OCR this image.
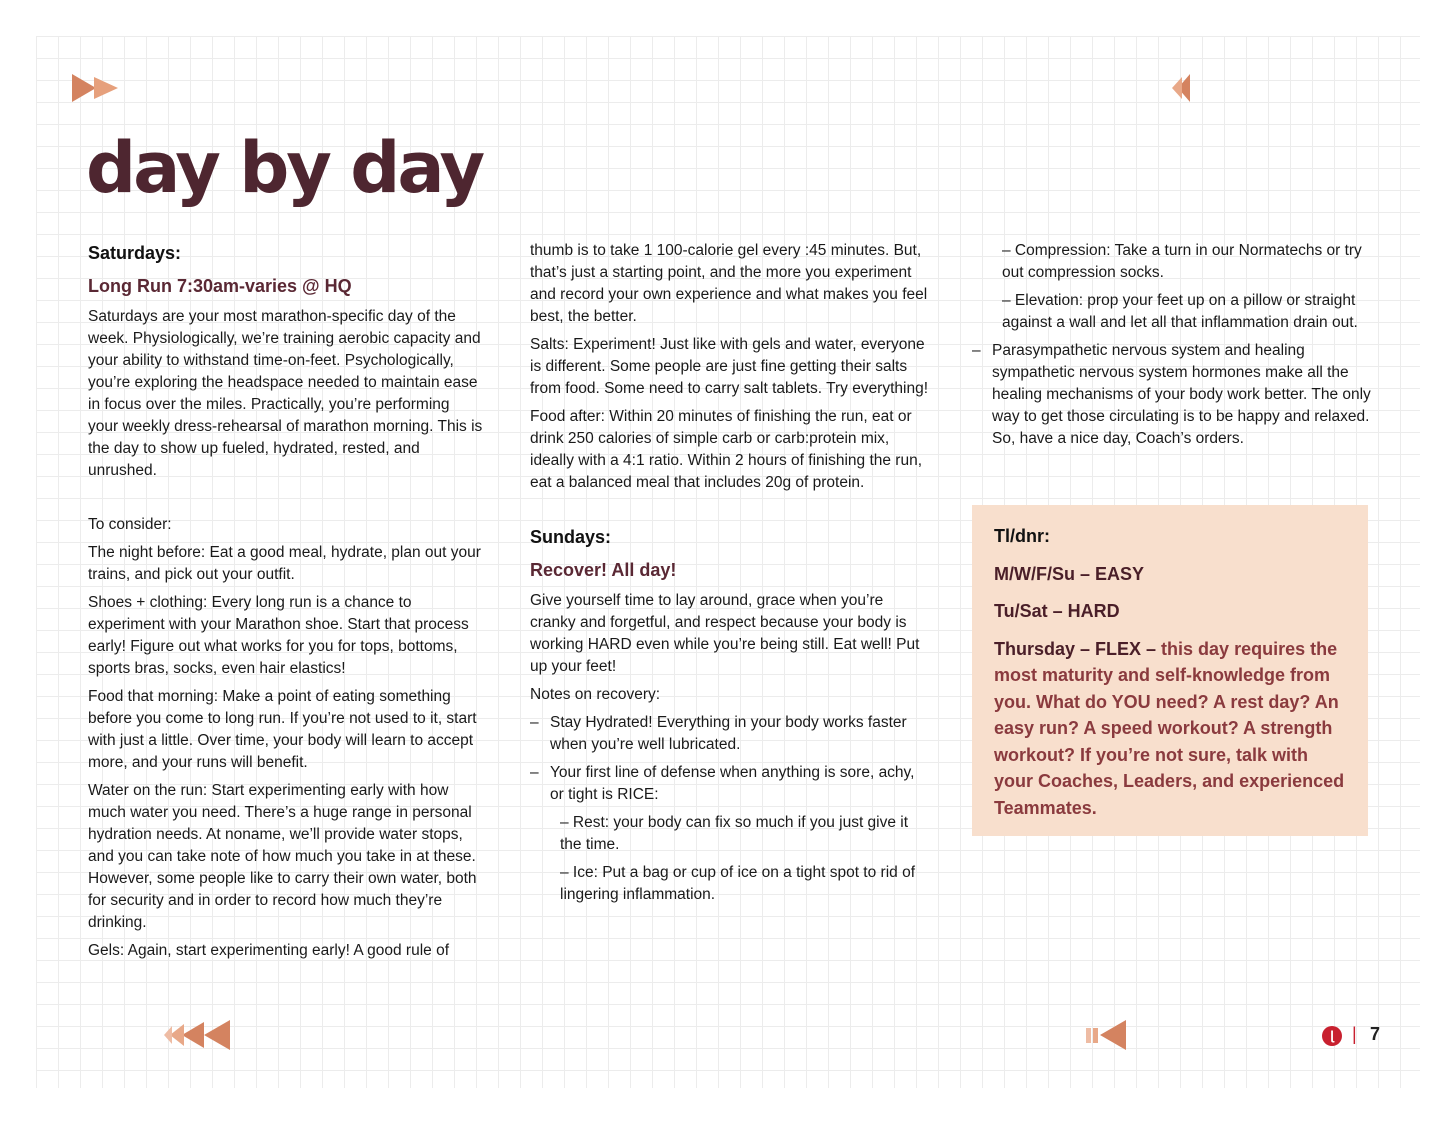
day by day

Saturdays:

Long Run 7:30am-varies @ HQ

Saturdays are your most marathon-specific day of the week. Physiologically, we’re training aerobic capacity and your ability to withstand time-on-feet. Psychologically, you’re exploring the headspace needed to maintain ease in focus over the miles. Practically, you’re performing your weekly dress-rehearsal of marathon morning. This is the day to show up fueled, hydrated, rested, and unrushed.

To consider:

The night before: Eat a good meal, hydrate, plan out your trains, and pick out your outfit.

Shoes + clothing: Every long run is a chance to experiment with your Marathon shoe. Start that process early! Figure out what works for you for tops, bottoms, sports bras, socks, even hair elastics!

Food that morning: Make a point of eating something before you come to long run. If you’re not used to it, start with just a little. Over time, your body will learn to accept more, and your runs will benefit.

Water on the run: Start experimenting early with how much water you need. There’s a huge range in personal hydration needs. At noname, we’ll provide water stops, and you can take note of how much you take in at these. However, some people like to carry their own water, both for security and in order to record how much they’re drinking.

Gels: Again, start experimenting early! A good rule of

thumb is to take 1 100-calorie gel every :45 minutes. But, that’s just a starting point, and the more you experiment and record your own experience and what makes you feel best, the better.

Salts: Experiment! Just like with gels and water, everyone is different. Some people are just fine getting their salts from food. Some need to carry salt tablets. Try everything!

Food after: Within 20 minutes of finishing the run, eat or drink 250 calories of simple carb or carb:protein mix, ideally with a 4:1 ratio. Within 2 hours of finishing the run, eat a balanced meal that includes 20g of protein.

Sundays:

Recover! All day!

Give yourself time to lay around, grace when you’re cranky and forgetful, and respect because your body is working HARD even while you’re being still. Eat well! Put up your feet!

Notes on recovery:

– Stay Hydrated! Everything in your body works faster when you’re well lubricated.

– Your first line of defense when anything is sore, achy, or tight is RICE:

– Rest: your body can fix so much if you just give it the time.

– Ice: Put a bag or cup of ice on a tight spot to rid of lingering inflammation.

– Compression: Take a turn in our Normatechs or try out compression socks.

– Elevation: prop your feet up on a pillow or straight against a wall and let all that inflammation drain out.

– Parasympathetic nervous system and healing sympathetic nervous system hormones make all the healing mechanisms of your body work better. The only way to get those circulating is to be happy and relaxed. So, have a nice day, Coach’s orders.

Tl/dnr:

M/W/F/Su – EASY

Tu/Sat – HARD

Thursday – FLEX – this day requires the most maturity and self-knowledge from you. What do YOU need? A rest day? An easy run? A speed workout? A strength workout? If you’re not sure, talk with your Coaches, Leaders, and experienced Teammates.

ɭ	| 7
